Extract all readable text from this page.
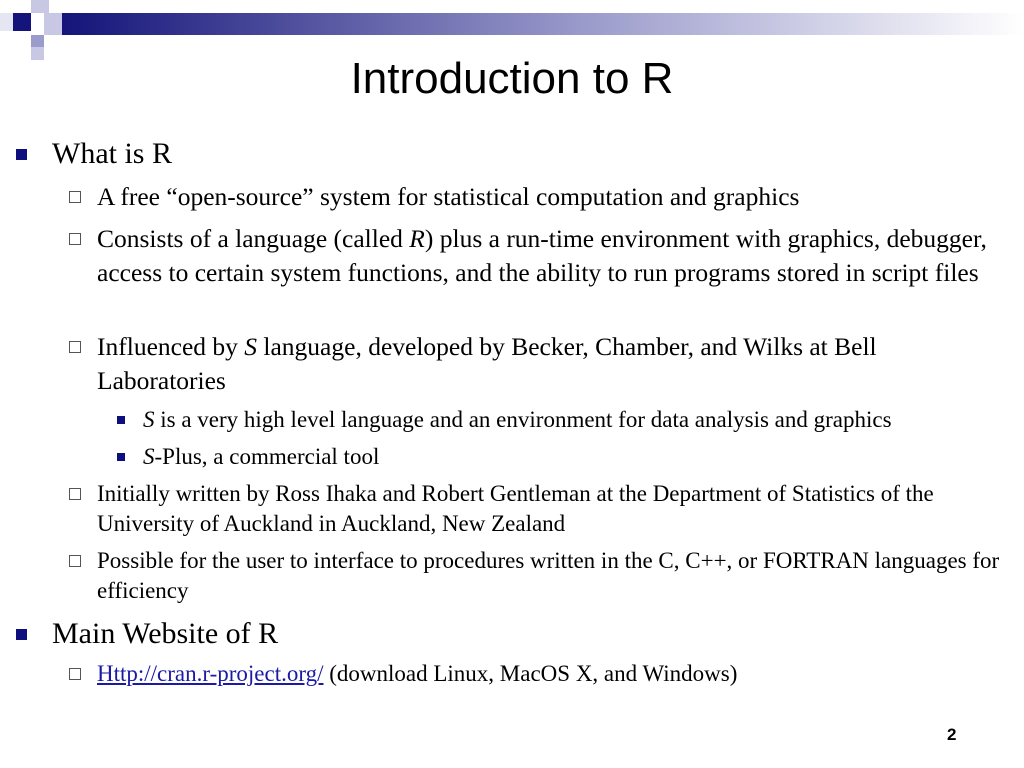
Introduction to R
What is R
A free “open-source” system for statistical computation and graphics
Consists of a language (called R) plus a run-time environment with graphics, debugger, access to certain system functions, and the ability to run programs stored in script files
Influenced by S language, developed by Becker, Chamber, and Wilks at Bell Laboratories
S is a very high level language and an environment for data analysis and graphics
S-Plus, a commercial tool
Initially written by Ross Ihaka and Robert Gentleman at the Department of Statistics of the University of Auckland in Auckland, New Zealand
Possible for the user to interface to procedures written in the C, C++, or FORTRAN languages for efficiency
Main Website of R
Http://cran.r-project.org/ (download Linux, MacOS X, and Windows)
2
